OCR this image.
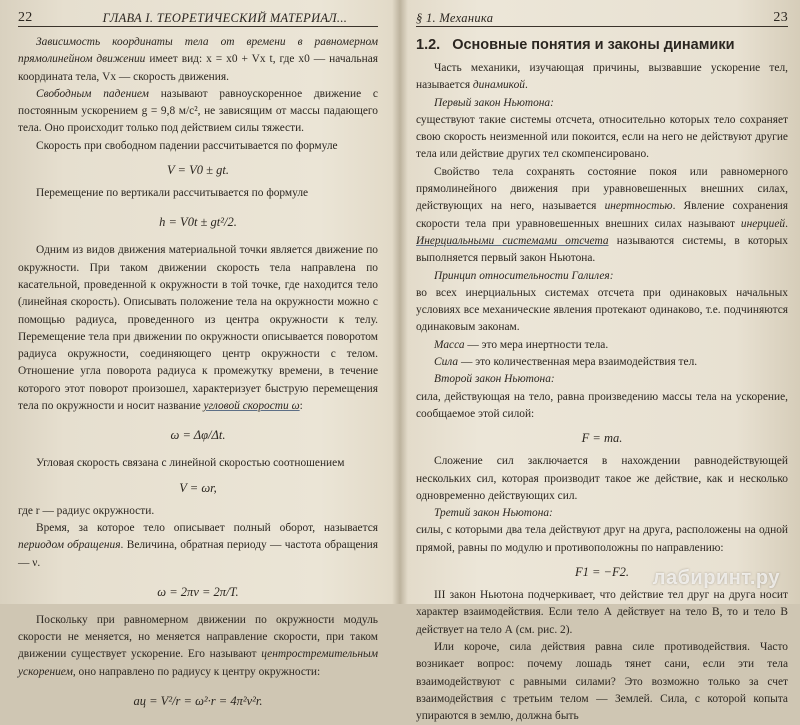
22	ГЛАВА I. ТЕОРЕТИЧЕСКИЙ МАТЕРИАЛ...

Зависимость координаты тела от времени в равномерном прямолинейном движении имеет вид: x = x0 + Vx t, где x0 — начальная координата тела, Vx — скорость движения.

Свободным падением называют равноускоренное движение с постоянным ускорением g = 9,8 м/с², не зависящим от массы падающего тела. Оно происходит только под действием силы тяжести.

Скорость при свободном падении рассчитывается по формуле

V = V0 ± gt.

Перемещение по вертикали рассчитывается по формуле

h = V0t ± gt²/2.

Одним из видов движения материальной точки является движение по окружности. При таком движении скорость тела направлена по касательной, проведенной к окружности в той точке, где находится тело (линейная скорость). Описывать положение тела на окружности можно с помощью радиуса, проведенного из центра окружности к телу. Перемещение тела при движении по окружности описывается поворотом радиуса окружности, соединяющего центр окружности с телом. Отношение угла поворота радиуса к промежутку времени, в течение которого этот поворот произошел, характеризует быструю перемещения тела по окружности и носит название угловой скорости ω:

ω = Δφ/Δt.

Угловая скорость связана с линейной скоростью соотношением

V = ωr,

где r — радиус окружности.

Время, за которое тело описывает полный оборот, называется периодом обращения. Величина, обратная периоду — частота обращения — ν.

ω = 2πν = 2π/T.

Поскольку при равномерном движении по окружности модуль скорости не меняется, но меняется направление скорости, при таком движении существует ускорение. Его называют центростремительным ускорением, оно направлено по радиусу к центру окружности:

aц = V²/r = ω²·r = 4π²ν²r.
§ 1. Механика	23
1.2. Основные понятия и законы динамики

Часть механики, изучающая причины, вызвавшие ускорение тел, называется динамикой.

Первый закон Ньютона:

существуют такие системы отсчета, относительно которых тело сохраняет свою скорость неизменной или покоится, если на него не действуют другие тела или действие других тел скомпенсировано.

Свойство тела сохранять состояние покоя или равномерного прямолинейного движения при уравновешенных внешних силах, действующих на него, называется инертностью. Явление сохранения скорости тела при уравновешенных внешних силах называют инерцией. Инерциальными системами отсчета называются системы, в которых выполняется первый закон Ньютона.

Принцип относительности Галилея:

во всех инерциальных системах отсчета при одинаковых начальных условиях все механические явления протекают одинаково, т.е. подчиняются одинаковым законам.

Масса — это мера инертности тела.

Сила — это количественная мера взаимодействия тел.

Второй закон Ньютона:

сила, действующая на тело, равна произведению массы тела на ускорение, сообщаемое этой силой:

F = ma.

Сложение сил заключается в нахождении равнодействующей нескольких сил, которая производит такое же действие, как и несколько одновременно действующих сил.

Третий закон Ньютона:

силы, с которыми два тела действуют друг на друга, расположены на одной прямой, равны по модулю и противоположны по направлению:

F1 = −F2.

III закон Ньютона подчеркивает, что действие тел друг на друга носит характер взаимодействия. Если тело А действует на тело В, то и тело В действует на тело А (см. рис. 2).

Или короче, сила действия равна силе противодействия. Часто возникает вопрос: почему лошадь тянет сани, если эти тела взаимодействуют с равными силами? Это возможно только за счет взаимодействия с третьим телом — Землей. Сила, с которой копыта упираются в землю, должна быть

лабиринт.ру
